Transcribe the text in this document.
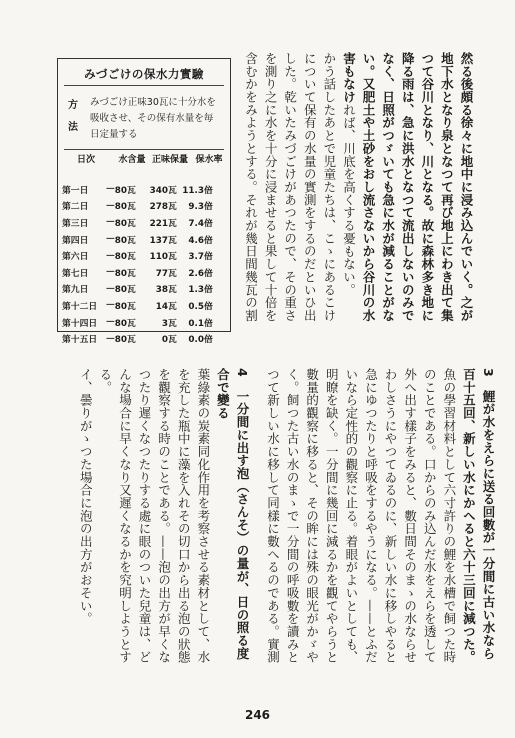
然る後頗る徐々に地中に浸み込んでいく。之が地下水となり泉となつて再び地上にわき出て集つて谷川となり、川となる。故に森林多き地に降る雨は、急に洪水となつて流出しないのみでなく、日照がつゞいても急に水が減ることがない。又肥土や土砂をおし流さないから谷川の水害もなければ、川底を高くする憂もない。
かう話したあとで児童たちは、こゝにあるこけについて保有の水量の實測をするのだといひ出した。乾いたみづごけがあつたので、その重さを測り之に水を十分に浸ませると果して十倍を含むかをみようとする。それが幾日間幾瓦の割
みづごけの保水力實驗
方法
みづごけ正味30瓦に十分水を吸收させ、その保有水量を毎日定量する
日次	水含量 正味保量 保水率
第一日	— 80瓦	340瓦 11.3倍
第二日	— 80瓦	278瓦	9.3倍
第三日	— 80瓦	221瓦	7.4倍
第四日	— 80瓦	137瓦	4.6倍
第六日	— 80瓦	110瓦	3.7倍
第七日	— 80瓦	77瓦	2.6倍
第九日	— 80瓦	38瓦	1.3倍
第十二日 — 80瓦	14瓦	0.5倍
第十四日 — 80瓦	3瓦	0.1倍
第十五日 — 80瓦	0瓦	0.0倍
3　鯉が水をえらに送る回數が一分間に古い水なら百十五回、新しい水にかへると六十三回に減つた。
魚の學習材料として六寸許りの鯉を水槽で飼つた時のことである。口からのみ込んだ水をえらを透して外へ出す樣子をみると、數日間そのまゝの水ならせわしさうにやつてゐるのに、新しい水に移しやると急にゆつたりと呼吸をするやうになる。——とふだいなら定性的の觀察に止る。着眼がよいとしても、明瞭を缺く。一分間に幾回に減るかを觀てやらうと數量的觀察に移ると、その眸には殊の眼光がかゞやく。飼つた古い水のまゝで一分間の呼吸數を讀みとつて新しい水に移して同樣に數へるのである。實測

4　一分間に出す泡（さんそ）の量が、日の照る度合で變る
葉綠素の炭素同化作用を考察させる素材として、水を充した瓶中に藻を入れその切口から出る泡の狀態を觀察する時のことである。——泡の出方が早くなつたり遲くなつたりする處に眼のついた兒童は、どんな場合に早くなり又遲くなるかを究明しようとする。
イ、曇りがゝつた場合に泡の出方がおそい。
246
